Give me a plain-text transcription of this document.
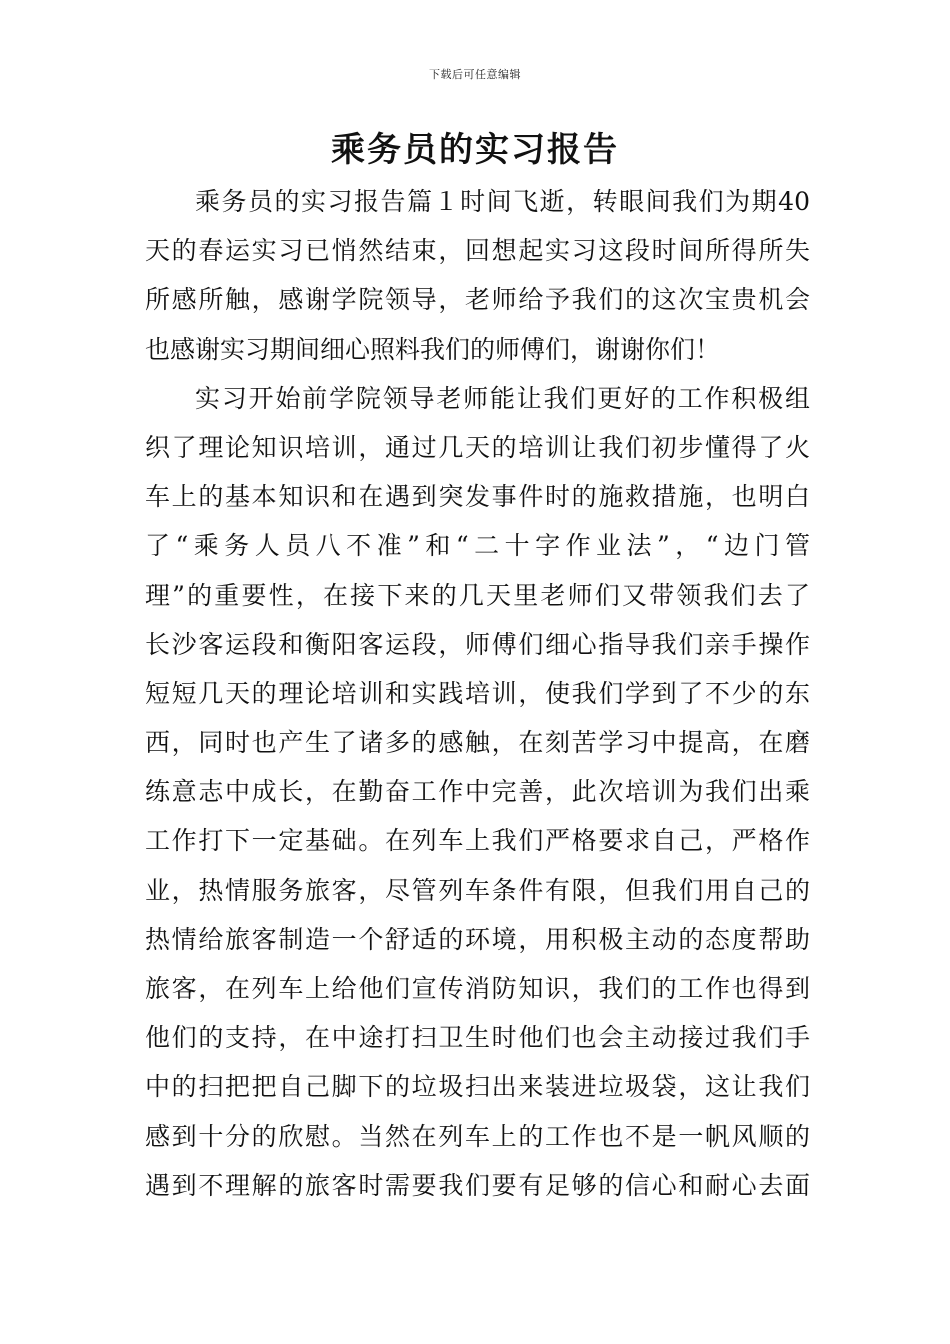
下载后可任意编辑
乘务员的实习报告
乘务员的实习报告篇１时间飞逝，转眼间我们为期40
天的春运实习已悄然结束，回想起实习这段时间所得所失
所感所触，感谢学院领导，老师给予我们的这次宝贵机会
也感谢实习期间细心照料我们的师傅们，谢谢你们！
实习开始前学院领导老师能让我们更好的工作积极组
织了理论知识培训，通过几天的培训让我们初步懂得了火
车上的基本知识和在遇到突发事件时的施救措施，也明白
了“乘务人员八不准”和“二十字作业法”，“边门管
理”的重要性，在接下来的几天里老师们又带领我们去了
长沙客运段和衡阳客运段，师傅们细心指导我们亲手操作
短短几天的理论培训和实践培训，使我们学到了不少的东
西，同时也产生了诸多的感触，在刻苦学习中提高，在磨
练意志中成长，在勤奋工作中完善，此次培训为我们出乘
工作打下一定基础。在列车上我们严格要求自己，严格作
业，热情服务旅客，尽管列车条件有限，但我们用自己的
热情给旅客制造一个舒适的环境，用积极主动的态度帮助
旅客，在列车上给他们宣传消防知识，我们的工作也得到
他们的支持，在中途打扫卫生时他们也会主动接过我们手
中的扫把把自己脚下的垃圾扫出来装进垃圾袋，这让我们
感到十分的欣慰。当然在列车上的工作也不是一帆风顺的
遇到不理解的旅客时需要我们要有足够的信心和耐心去面
